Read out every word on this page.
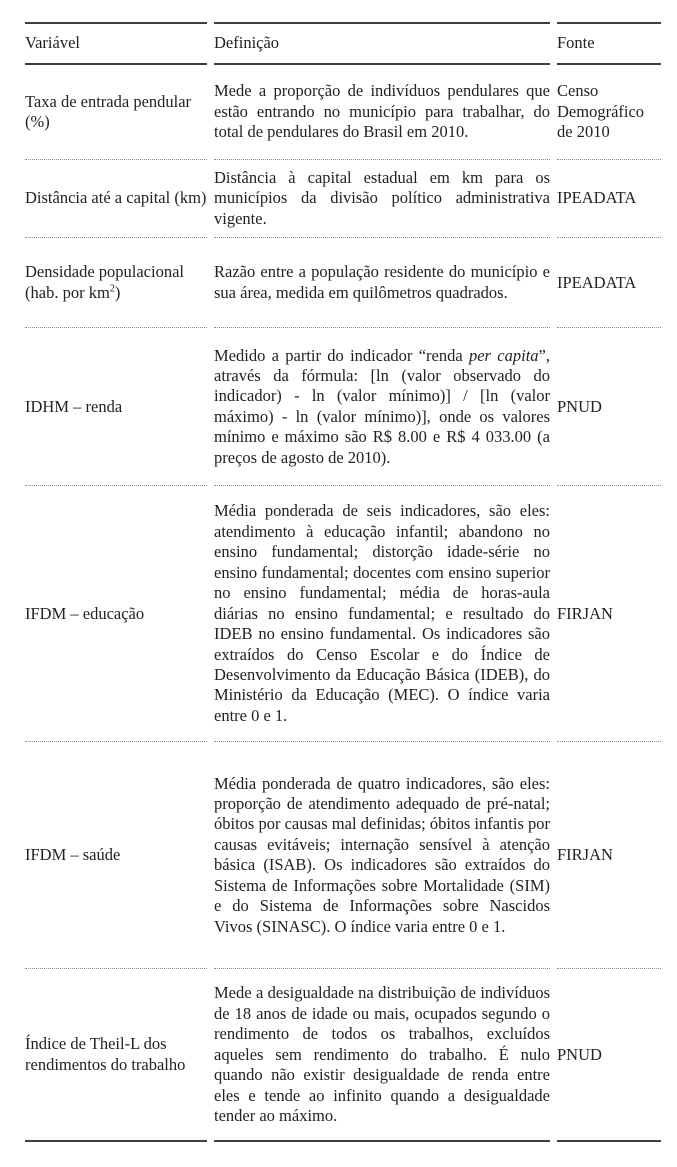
Variável	Definição	Fonte
Taxa de entrada pendular (%)	Mede a proporção de indivíduos pendulares que estão entrando no município para trabalhar, do total de pendulares do Brasil em 2010.	Censo Demográfico de 2010
Distância até a capital (km)	Distância à capital estadual em km para os municípios da divisão político administrativa vigente.	IPEADATA
Densidade populacional (hab. por $km^2$)	Razão entre a população residente do município e sua área, medida em quilômetros quadrados.	IPEADATA
IDHM – renda	Medido a partir do indicador “renda per capita”, através da fórmula: [ln (valor observado do indicador) - ln (valor mínimo)] / [ln (valor máximo) - ln (valor mínimo)], onde os valores mínimo e máximo são R$ 8.00 e R$ 4 033.00 (a preços de agosto de 2010).	PNUD
IFDM – educação	Média ponderada de seis indicadores, são eles: atendimento à educação infantil; abandono no ensino fundamental; distorção idade-série no ensino fundamental; docentes com ensino superior no ensino fundamental; média de horas-aula diárias no ensino fundamental; e resultado do IDEB no ensino fundamental. Os indicadores são extraídos do Censo Escolar e do Índice de Desenvolvimento da Educação Básica (IDEB), do Ministério da Educação (MEC). O índice varia entre 0 e 1.	FIRJAN
IFDM – saúde	Média ponderada de quatro indicadores, são eles: proporção de atendimento adequado de pré-natal; óbitos por causas mal definidas; óbitos infantis por causas evitáveis; internação sensível à atenção básica (ISAB). Os indicadores são extraídos do Sistema de Informações sobre Mortalidade (SIM) e do Sistema de Informações sobre Nascidos Vivos (SINASC). O índice varia entre 0 e 1.	FIRJAN
Índice de Theil-L dos rendimentos do trabalho	Mede a desigualdade na distribuição de indivíduos de 18 anos de idade ou mais, ocupados segundo o rendimento de todos os trabalhos, excluídos aqueles sem rendimento do trabalho. É nulo quando não existir desigualdade de renda entre eles e tende ao infinito quando a desigualdade tender ao máximo.	PNUD
